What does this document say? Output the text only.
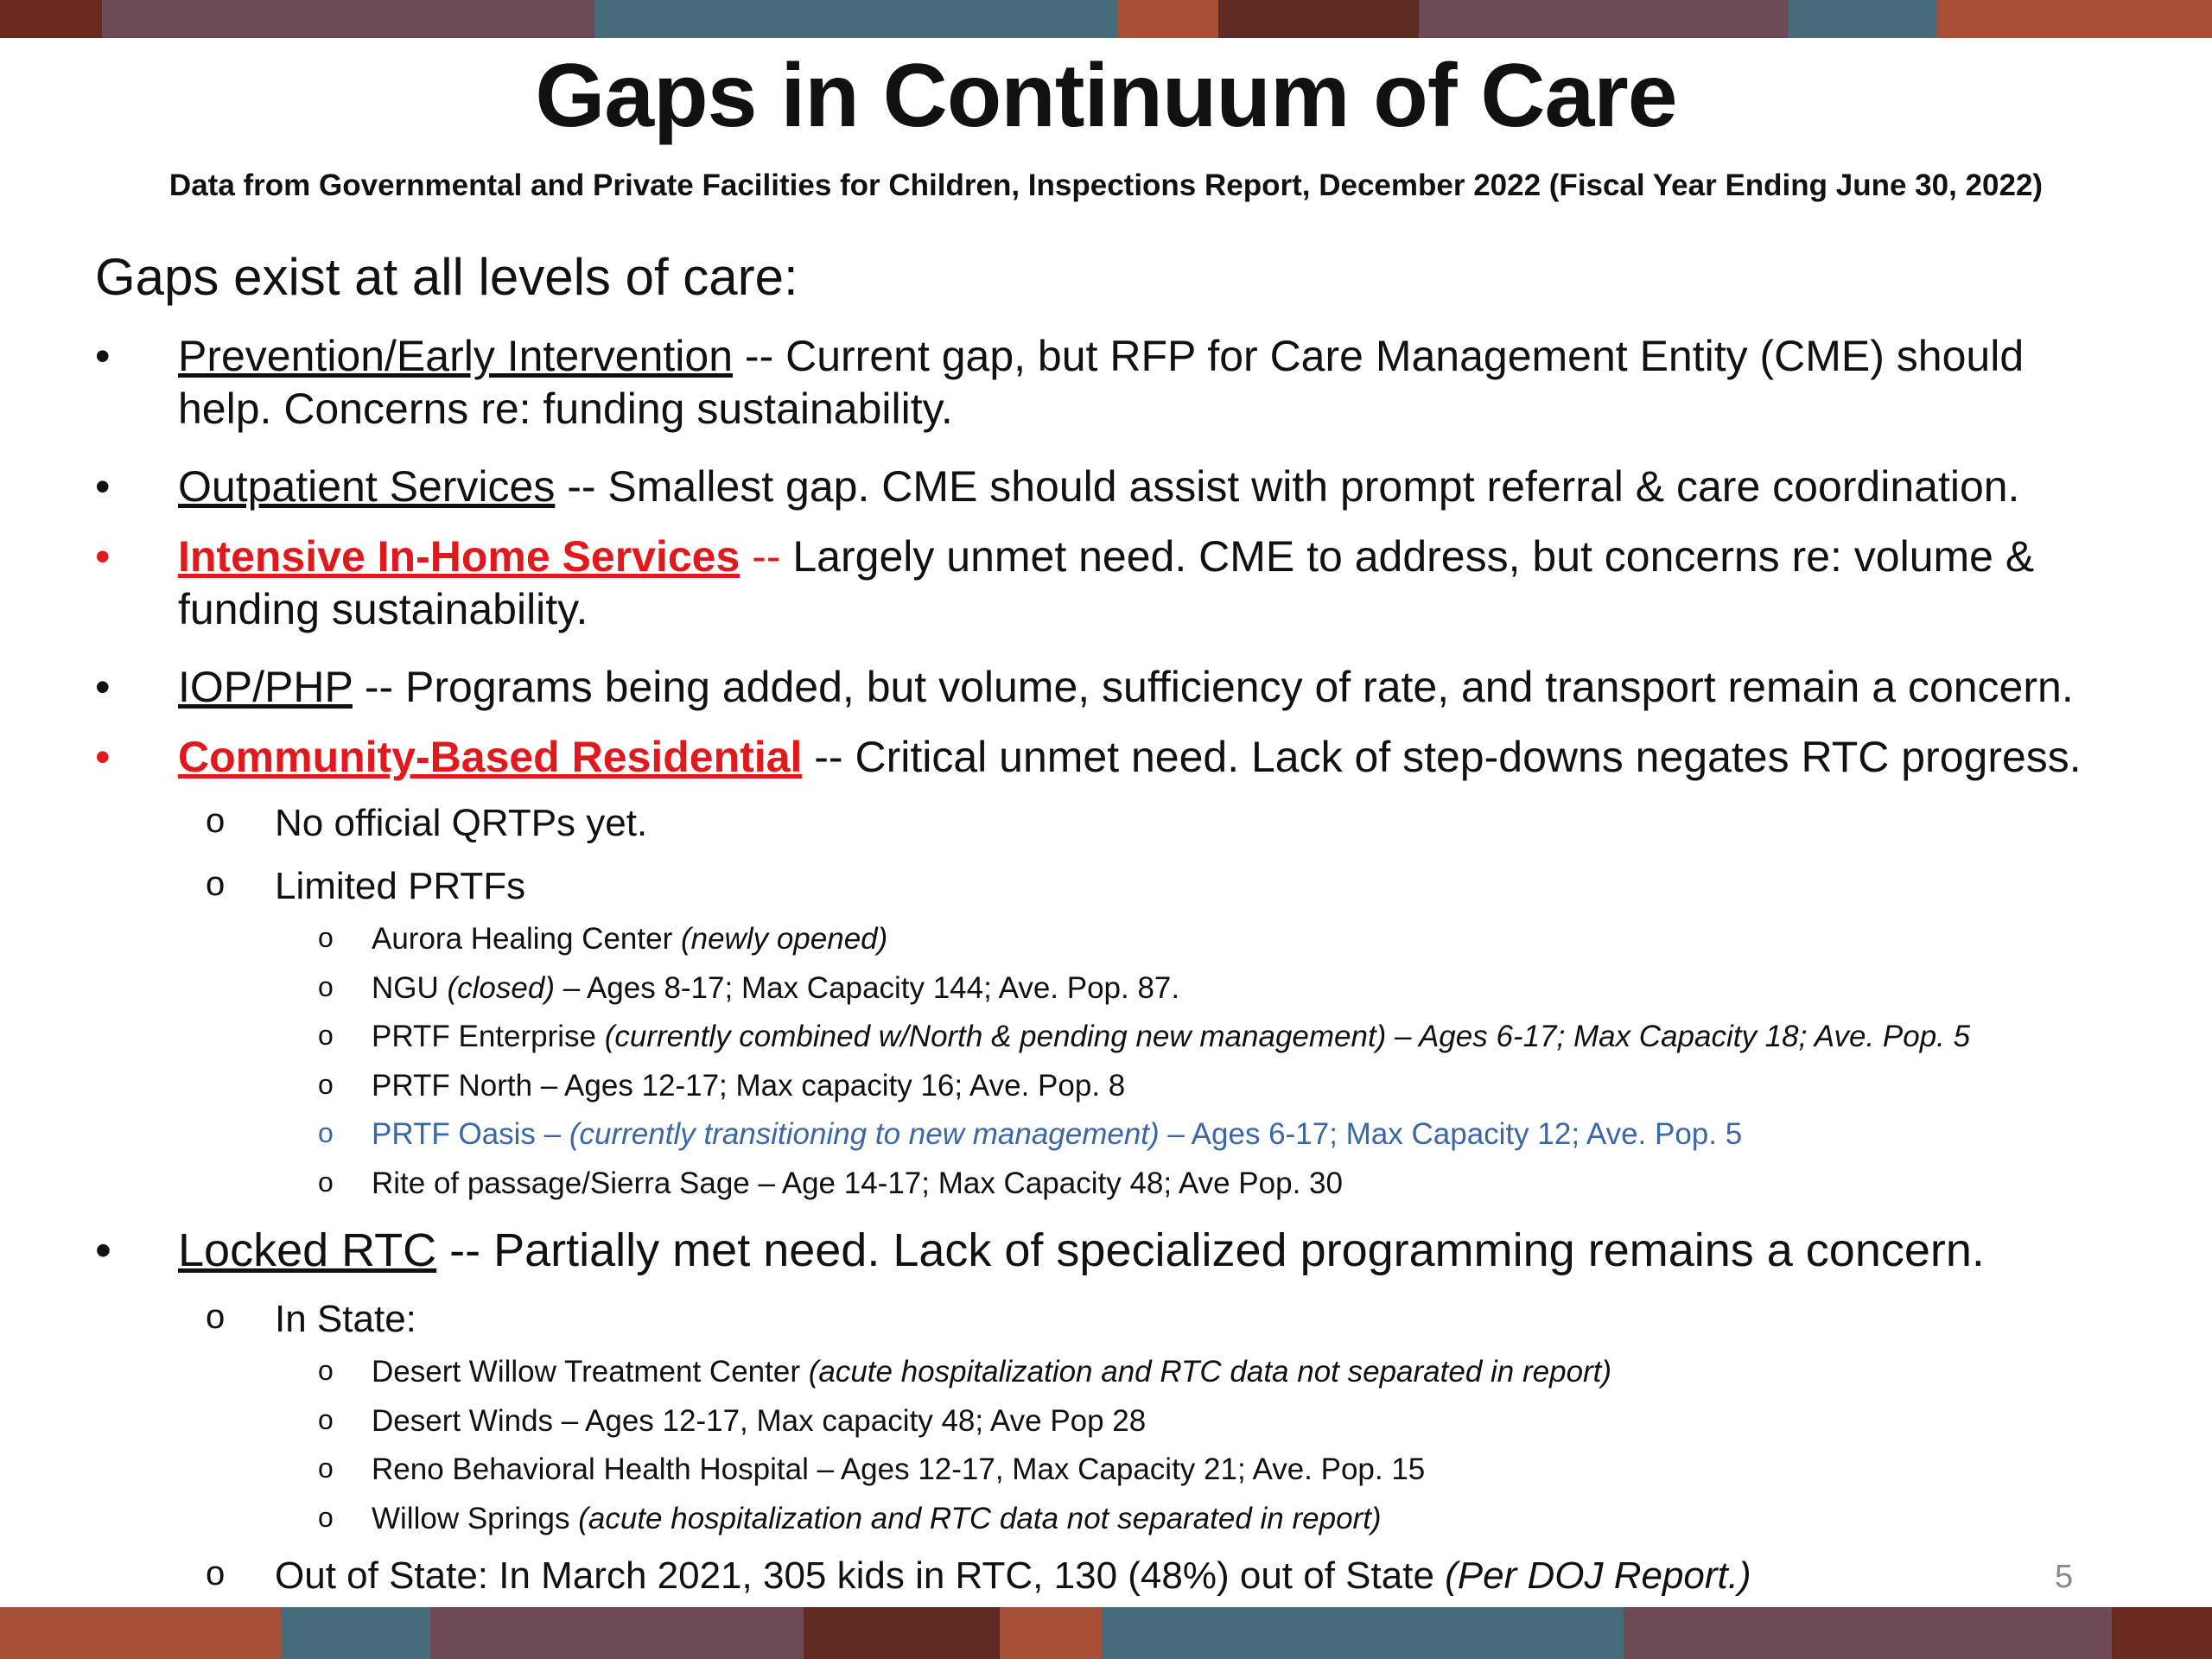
Gaps in Continuum of Care
Data from Governmental and Private Facilities for Children, Inspections Report, December 2022 (Fiscal Year Ending June 30, 2022)
Gaps exist at all levels of care:
• Prevention/Early Intervention -- Current gap, but RFP for Care Management Entity (CME) should
help. Concerns re: funding sustainability.
• Outpatient Services -- Smallest gap. CME should assist with prompt referral & care coordination.
• Intensive In-Home Services -- Largely unmet need. CME to address, but concerns re: volume &
funding sustainability.
• IOP/PHP -- Programs being added, but volume, sufficiency of rate, and transport remain a concern.
• Community-Based Residential -- Critical unmet need. Lack of step-downs negates RTC progress.
o No official QRTPs yet.
o Limited PRTFs
o Aurora Healing Center (newly opened)
o NGU (closed) – Ages 8-17; Max Capacity 144; Ave. Pop. 87.
o PRTF Enterprise (currently combined w/North & pending new management) – Ages 6-17; Max Capacity 18; Ave. Pop. 5
o PRTF North – Ages 12-17; Max capacity 16; Ave. Pop. 8
o PRTF Oasis – (currently transitioning to new management) – Ages 6-17; Max Capacity 12; Ave. Pop. 5
o Rite of passage/Sierra Sage – Age 14-17; Max Capacity 48; Ave Pop. 30
• Locked RTC -- Partially met need. Lack of specialized programming remains a concern.
o In State:
o Desert Willow Treatment Center (acute hospitalization and RTC data not separated in report)
o Desert Winds – Ages 12-17, Max capacity 48; Ave Pop 28
o Reno Behavioral Health Hospital – Ages 12-17, Max Capacity 21; Ave. Pop. 15
o Willow Springs (acute hospitalization and RTC data not separated in report)
o Out of State: In March 2021, 305 kids in RTC, 130 (48%) out of State (Per DOJ Report.)	5
